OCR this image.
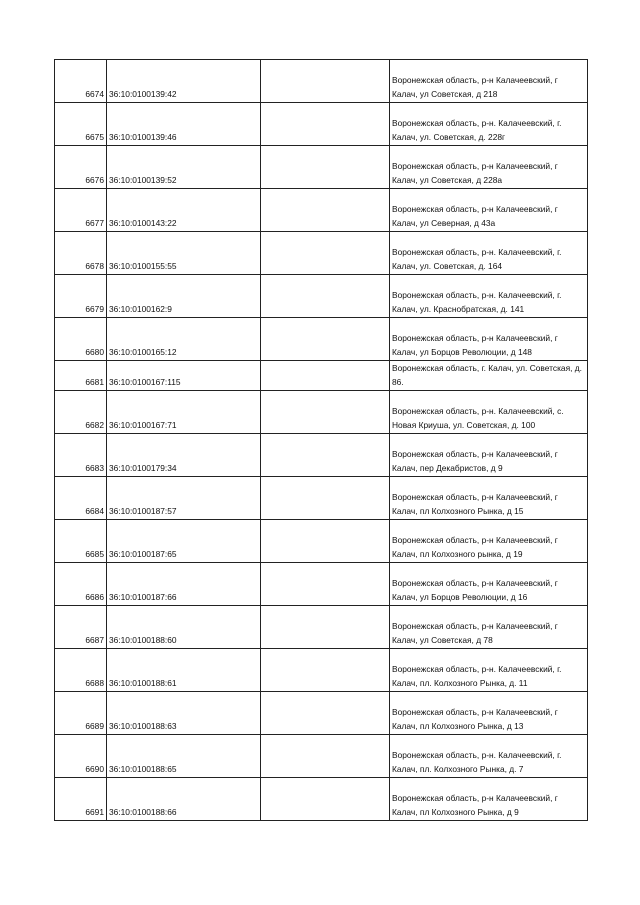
6674	36:10:0100139:42		Воронежская область, р-н Калачеевский, г Калач, ул Советская, д 218
6675	36:10:0100139:46		Воронежская область, р-н. Калачеевский, г. Калач, ул. Советская, д. 228г
6676	36:10:0100139:52		Воронежская область, р-н Калачеевский, г Калач, ул Советская, д 228а
6677	36:10:0100143:22		Воронежская область, р-н Калачеевский, г Калач, ул Северная, д 43а
6678	36:10:0100155:55		Воронежская область, р-н. Калачеевский, г. Калач, ул. Советская, д. 164
6679	36:10:0100162:9		Воронежская область, р-н. Калачеевский, г. Калач, ул. Краснобратская, д. 141
6680	36:10:0100165:12		Воронежская область, р-н Калачеевский, г Калач, ул Борцов Революции, д 148
6681	36:10:0100167:115		Воронежская область, г. Калач, ул. Советская, д. 86.
6682	36:10:0100167:71		Воронежская область, р-н. Калачеевский, с. Новая Криуша, ул. Советская, д. 100
6683	36:10:0100179:34		Воронежская область, р-н Калачеевский, г Калач, пер Декабристов, д 9
6684	36:10:0100187:57		Воронежская область, р-н Калачеевский, г Калач, пл Колхозного Рынка, д 15
6685	36:10:0100187:65		Воронежская область, р-н Калачеевский, г Калач, пл Колхозного рынка, д 19
6686	36:10:0100187:66		Воронежская область, р-н Калачеевский, г Калач, ул Борцов Революции, д 16
6687	36:10:0100188:60		Воронежская область, р-н Калачеевский, г Калач, ул Советская, д 78
6688	36:10:0100188:61		Воронежская область, р-н. Калачеевский, г. Калач, пл. Колхозного Рынка, д. 11
6689	36:10:0100188:63		Воронежская область, р-н Калачеевский, г Калач, пл Колхозного Рынка, д 13
6690	36:10:0100188:65		Воронежская область, р-н. Калачеевский, г. Калач, пл. Колхозного Рынка, д. 7
6691	36:10:0100188:66		Воронежская область, р-н Калачеевский, г Калач, пл Колхозного Рынка, д 9
